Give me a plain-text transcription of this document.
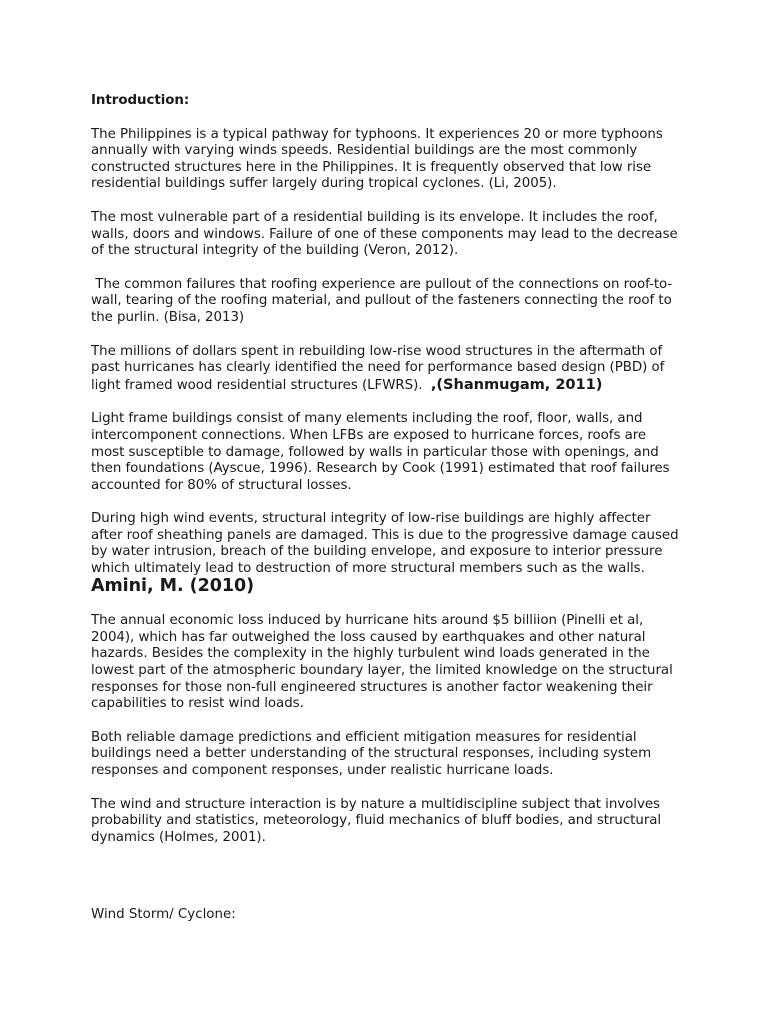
Introduction:

The Philippines is a typical pathway for typhoons. It experiences 20 or more typhoons annually with varying winds speeds. Residential buildings are the most commonly constructed structures here in the Philippines. It is frequently observed that low rise residential buildings suffer largely during tropical cyclones. (Li, 2005).

The most vulnerable part of a residential building is its envelope. It includes the roof, walls, doors and windows. Failure of one of these components may lead to the decrease of the structural integrity of the building (Veron, 2012).

The common failures that roofing experience are pullout of the connections on roof-to-wall, tearing of the roofing material, and pullout of the fasteners connecting the roof to the purlin. (Bisa, 2013)

The millions of dollars spent in rebuilding low-rise wood structures in the aftermath of past hurricanes has clearly identified the need for performance based design (PBD) of light framed wood residential structures (LFWRS).  ,(Shanmugam, 2011)

Light frame buildings consist of many elements including the roof, floor, walls, and intercomponent connections. When LFBs are exposed to hurricane forces, roofs are most susceptible to damage, followed by walls in particular those with openings, and then foundations (Ayscue, 1996). Research by Cook (1991) estimated that roof failures accounted for 80% of structural losses.

During high wind events, structural integrity of low-rise buildings are highly affecter after roof sheathing panels are damaged. This is due to the progressive damage caused by water intrusion, breach of the building envelope, and exposure to interior pressure which ultimately lead to destruction of more structural members such as the walls. Amini, M. (2010)

The annual economic loss induced by hurricane hits around $5 billiion (Pinelli et al, 2004), which has far outweighed the loss caused by earthquakes and other natural hazards. Besides the complexity in the highly turbulent wind loads generated in the lowest part of the atmospheric boundary layer, the limited knowledge on the structural responses for those non-full engineered structures is another factor weakening their capabilities to resist wind loads.

Both reliable damage predictions and efficient mitigation measures for residential buildings need a better understanding of the structural responses, including system responses and component responses, under realistic hurricane loads.

The wind and structure interaction is by nature a multidiscipline subject that involves probability and statistics, meteorology, fluid mechanics of bluff bodies, and structural dynamics (Holmes, 2001).

Wind Storm/ Cyclone:
